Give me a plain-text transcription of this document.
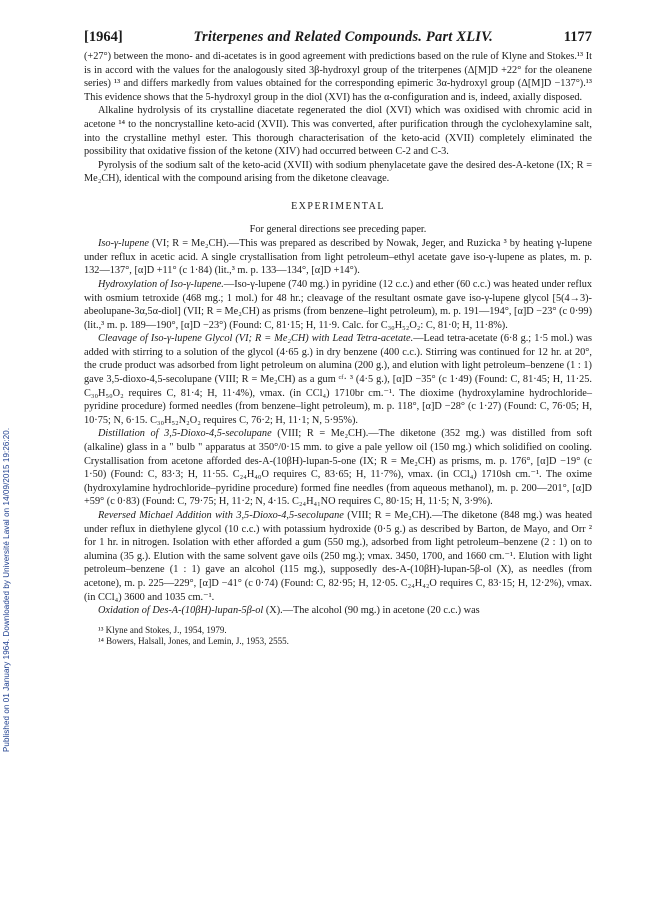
Published on 01 January 1964. Downloaded by Université Laval on 14/09/2015 19:26:20.
[1964]	Triterpenes and Related Compounds. Part XLIV.	1177

(+27°) between the mono- and di-acetates is in good agreement with predictions based on the rule of Klyne and Stokes.¹³ It is in accord with the values for the analogously sited 3β-hydroxyl group of the triterpenes (Δ[M]D +22° for the oleanene series) ¹³ and differs markedly from values obtained for the corresponding epimeric 3α-hydroxyl group (Δ[M]D −137°).¹³ This evidence shows that the 5-hydroxyl group in the diol (XVI) has the α-configuration and is, indeed, axially disposed.

Alkaline hydrolysis of its crystalline diacetate regenerated the diol (XVI) which was oxidised with chromic acid in acetone ¹⁴ to the noncrystalline keto-acid (XVII). This was converted, after purification through the cyclohexylamine salt, into the crystalline methyl ester. This thorough characterisation of the keto-acid (XVII) completely eliminated the possibility that oxidative fission of the ketone (XIV) had occurred between C-2 and C-3.

Pyrolysis of the sodium salt of the keto-acid (XVII) with sodium phenylacetate gave the desired des-A-ketone (IX; R = Me₂CH), identical with the compound arising from the diketone cleavage.

EXPERIMENTAL

For general directions see preceding paper.

Iso-γ-lupene (VI; R = Me₂CH).—This was prepared as described by Nowak, Jeger, and Ruzicka ³ by heating γ-lupene under reflux in acetic acid. A single crystallisation from light petroleum–ethyl acetate gave iso-γ-lupene as plates, m. p. 132—137°, [α]D +11° (c 1·84) (lit.,³ m. p. 133—134°, [α]D +14°).

Hydroxylation of Iso-γ-lupene.—Iso-γ-lupene (740 mg.) in pyridine (12 c.c.) and ether (60 c.c.) was heated under reflux with osmium tetroxide (468 mg.; 1 mol.) for 48 hr.; cleavage of the resultant osmate gave iso-γ-lupene glycol [5(4→3)-abeolupane-3α,5α-diol] (VII; R = Me₂CH) as prisms (from benzene–light petroleum), m. p. 191—194°, [α]D −23° (c 0·99) (lit.,³ m. p. 189—190°, [α]D −23°) (Found: C, 81·15; H, 11·9. Calc. for C₃₀H₅₂O₂: C, 81·0; H, 11·8%).

Cleavage of Iso-γ-lupene Glycol (VI; R = Me₂CH) with Lead Tetra-acetate.—Lead tetra-acetate (6·8 g.; 1·5 mol.) was added with stirring to a solution of the glycol (4·65 g.) in dry benzene (400 c.c.). Stirring was continued for 12 hr. at 20°, the crude product was adsorbed from light petroleum on alumina (200 g.), and elution with light petroleum–benzene (1 : 1) gave 3,5-dioxo-4,5-secolupane (VIII; R = Me₂CH) as a gum ᶜᶠ· ³ (4·5 g.), [α]D −35° (c 1·49) (Found: C, 81·45; H, 11·25. C₃₀H₅₀O₂ requires C, 81·4; H, 11·4%), νmax. (in CCl₄) 1710br cm.⁻¹. The dioxime (hydroxylamine hydrochloride–pyridine procedure) formed needles (from benzene–light petroleum), m. p. 118°, [α]D −28° (c 1·27) (Found: C, 76·05; H, 10·75; N, 6·15. C₃₀H₅₂N₂O₂ requires C, 76·2; H, 11·1; N, 5·95%).

Distillation of 3,5-Dioxo-4,5-secolupane (VIII; R = Me₂CH).—The diketone (352 mg.) was distilled from soft (alkaline) glass in a " bulb " apparatus at 350°/0·15 mm. to give a pale yellow oil (150 mg.) which solidified on cooling. Crystallisation from acetone afforded des-A-(10βH)-lupan-5-one (IX; R = Me₂CH) as prisms, m. p. 176°, [α]D −19° (c 1·50) (Found: C, 83·3; H, 11·55. C₂₄H₄₀O requires C, 83·65; H, 11·7%), νmax. (in CCl₄) 1710sh cm.⁻¹. The oxime (hydroxylamine hydrochloride–pyridine procedure) formed fine needles (from aqueous methanol), m. p. 200—201°, [α]D +59° (c 0·83) (Found: C, 79·75; H, 11·2; N, 4·15. C₂₄H₄₁NO requires C, 80·15; H, 11·5; N, 3·9%).

Reversed Michael Addition with 3,5-Dioxo-4,5-secolupane (VIII; R = Me₂CH).—The diketone (848 mg.) was heated under reflux in diethylene glycol (10 c.c.) with potassium hydroxide (0·5 g.) as described by Barton, de Mayo, and Orr ² for 1 hr. in nitrogen. Isolation with ether afforded a gum (550 mg.), adsorbed from light petroleum–benzene (2 : 1) on to alumina (35 g.). Elution with the same solvent gave oils (250 mg.); νmax. 3450, 1700, and 1660 cm.⁻¹. Elution with light petroleum–benzene (1 : 1) gave an alcohol (115 mg.), supposedly des-A-(10βH)-lupan-5β-ol (X), as needles (from acetone), m. p. 225—229°, [α]D −41° (c 0·74) (Found: C, 82·95; H, 12·05. C₂₄H₄₂O requires C, 83·15; H, 12·2%), νmax. (in CCl₄) 3600 and 1035 cm.⁻¹.

Oxidation of Des-A-(10βH)-lupan-5β-ol (X).—The alcohol (90 mg.) in acetone (20 c.c.) was

¹³ Klyne and Stokes, J., 1954, 1979.
¹⁴ Bowers, Halsall, Jones, and Lemin, J., 1953, 2555.
